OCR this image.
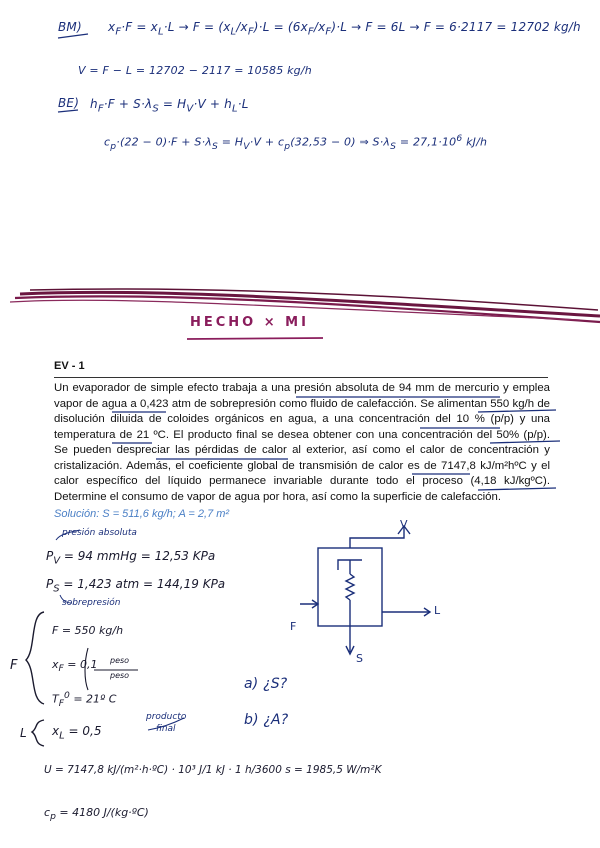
BM) $x_F\cdot F = x_L\cdot L \to F = (x_L/x_F)\cdot L = (6x_F/x_F)\cdot L \to F = 6L \to F = 6\cdot 2117 = 12702$ kg/h
V = F − L = 12702 − 2117 = 10585 kg/h
BE) $h_F\cdot F + S\cdot\lambda_S = H_V\cdot V + h_L\cdot L$
$c_p\cdot(22 - 0)\cdot F + S\cdot\lambda_S = H_V\cdot V + c_p(32,53 - 0)$ ⇒ $S\cdot\lambda_S = 27,1\cdot 10^6$ kJ/h
HECHO × MI
EV - 1

Un evaporador de simple efecto trabaja a una presión absoluta de 94 mm de mercurio y emplea vapor de agua a 0,423 atm de sobrepresión como fluido de calefacción. Se alimentan 550 kg/h de disolución diluida de coloides orgánicos en agua, a una concentración del 10 % (p/p) y una temperatura de 21 ºC. El producto final se desea obtener con una concentración del 50% (p/p). Se pueden despreciar las pérdidas de calor al exterior, así como el calor de concentración y cristalización. Además, el coeficiente global de transmisión de calor es de 7147,8 kJ/m²hºC y el calor específico del líquido permanece invariable durante todo el proceso (4,18 kJ/kgºC). Determine el consumo de vapor de agua por hora, así como la superficie de calefacción.

Solución: S = 511,6 kg/h; A = 2,7 m²
presión absoluta
$P_V = 94$ mmHg = 12,53 KPa
$P_S = 1,423$ atm = 144,19 KPa
sobrepresión
F
F = 550 kg/h
$x_F = 0,1$ peso
peso
$T_F^0$ = 21º C
L $x_L = 0,5$
producto
final
a) ¿S?
b) ¿A?
U = 7147,8 kJ/(m²·h·ºC) · 10³ J/1 kJ · 1 h/3600 s = 1985,5 W/m²K
$c_p = 4180$ J/(kg·ºC)
V
F
L
S
